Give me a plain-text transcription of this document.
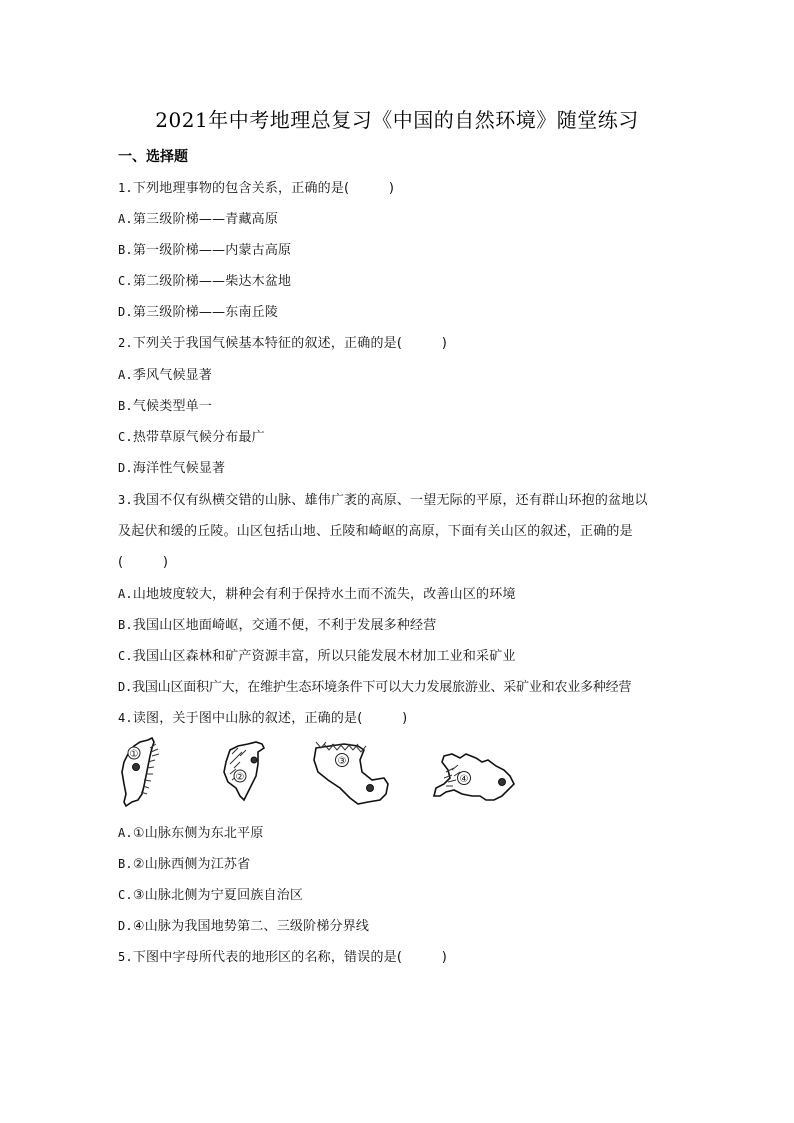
2021年中考地理总复习《中国的自然环境》随堂练习
一、选择题
1.下列地理事物的包含关系，正确的是(　　　)
A.第三级阶梯——青藏高原
B.第一级阶梯——内蒙古高原
C.第二级阶梯——柴达木盆地
D.第三级阶梯——东南丘陵
2.下列关于我国气候基本特征的叙述，正确的是(　　　)
A.季风气候显著
B.气候类型单一
C.热带草原气候分布最广
D.海洋性气候显著
3.我国不仅有纵横交错的山脉、雄伟广袤的高原、一望无际的平原，还有群山环抱的盆地以
及起伏和缓的丘陵。山区包括山地、丘陵和崎岖的高原，下面有关山区的叙述，正确的是
(　　　)
A.山地坡度较大，耕种会有利于保持水土而不流失，改善山区的环境
B.我国山区地面崎岖，交通不便，不利于发展多种经营
C.我国山区森林和矿产资源丰富，所以只能发展木材加工业和采矿业
D.我国山区面积广大，在维护生态环境条件下可以大力发展旅游业、采矿业和农业多种经营
4.读图，关于图中山脉的叙述，正确的是(　　　)
①
②
③
④
A.①山脉东侧为东北平原
B.②山脉西侧为江苏省
C.③山脉北侧为宁夏回族自治区
D.④山脉为我国地势第二、三级阶梯分界线
5.下图中字母所代表的地形区的名称，错误的是(　　　)
